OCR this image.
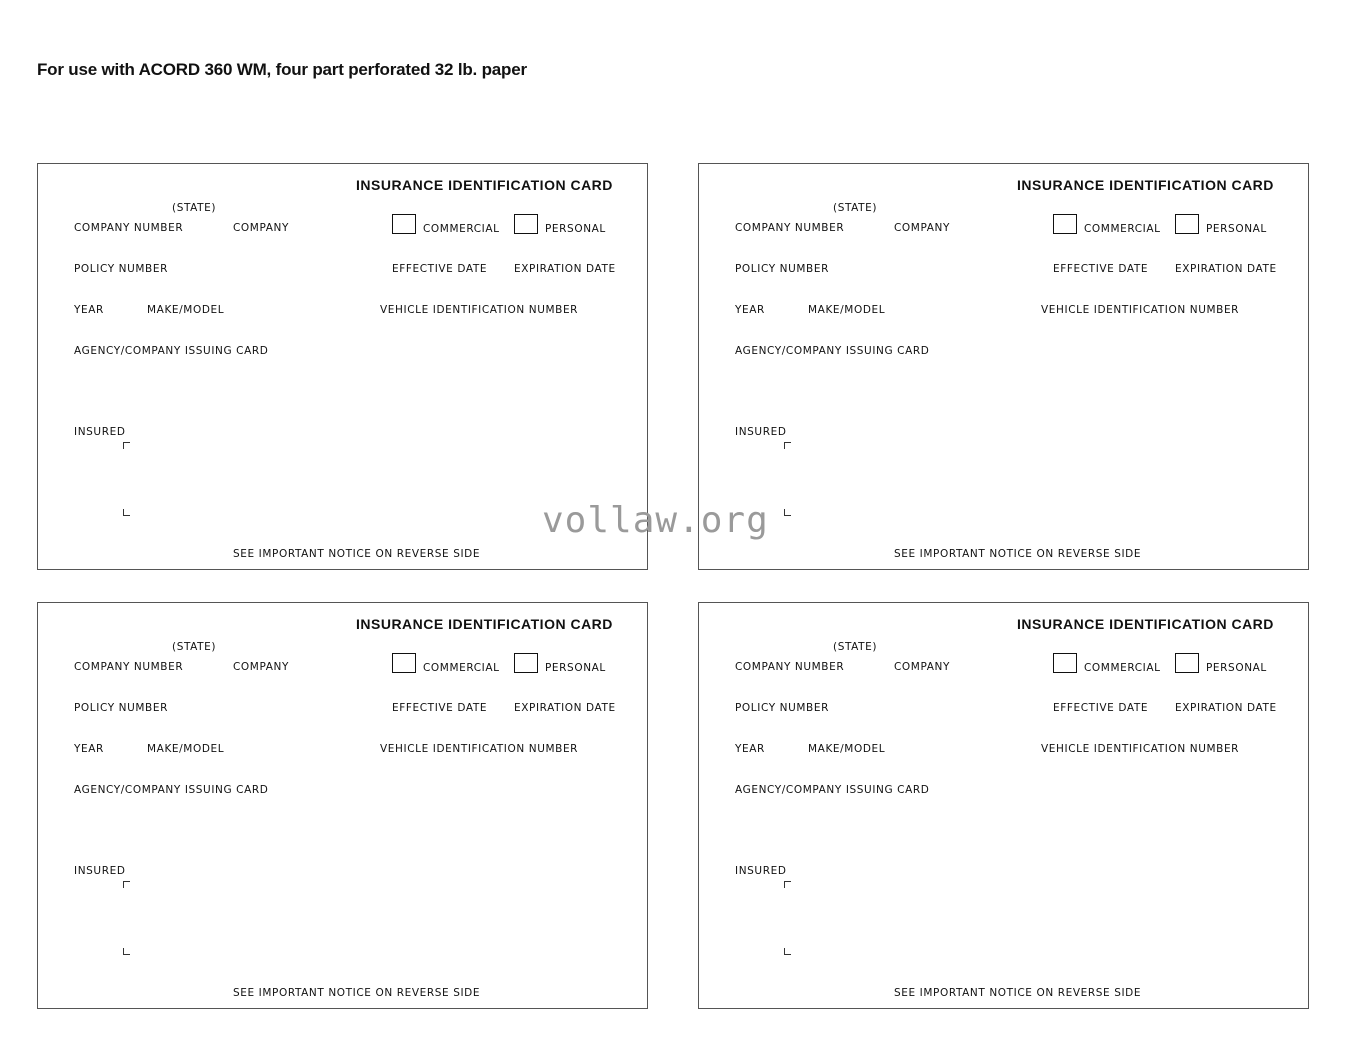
For use with ACORD 360 WM, four part perforated 32 lb. paper
INSURANCE IDENTIFICATION CARD
(STATE)
COMPANY NUMBER	COMPANY	COMMERCIAL	PERSONAL
POLICY NUMBER	EFFECTIVE DATE	EXPIRATION DATE
YEAR	MAKE/MODEL	VEHICLE IDENTIFICATION NUMBER
AGENCY/COMPANY ISSUING CARD
INSURED
SEE IMPORTANT NOTICE ON REVERSE SIDE
INSURANCE IDENTIFICATION CARD
(STATE)
COMPANY NUMBER	COMPANY	COMMERCIAL	PERSONAL
POLICY NUMBER	EFFECTIVE DATE	EXPIRATION DATE
YEAR	MAKE/MODEL	VEHICLE IDENTIFICATION NUMBER
AGENCY/COMPANY ISSUING CARD
INSURED
SEE IMPORTANT NOTICE ON REVERSE SIDE
INSURANCE IDENTIFICATION CARD
(STATE)
COMPANY NUMBER	COMPANY	COMMERCIAL	PERSONAL
POLICY NUMBER	EFFECTIVE DATE	EXPIRATION DATE
YEAR	MAKE/MODEL	VEHICLE IDENTIFICATION NUMBER
AGENCY/COMPANY ISSUING CARD
INSURED
SEE IMPORTANT NOTICE ON REVERSE SIDE
INSURANCE IDENTIFICATION CARD
(STATE)
COMPANY NUMBER	COMPANY	COMMERCIAL	PERSONAL
POLICY NUMBER	EFFECTIVE DATE	EXPIRATION DATE
YEAR	MAKE/MODEL	VEHICLE IDENTIFICATION NUMBER
AGENCY/COMPANY ISSUING CARD
INSURED
SEE IMPORTANT NOTICE ON REVERSE SIDE
vollaw.org
